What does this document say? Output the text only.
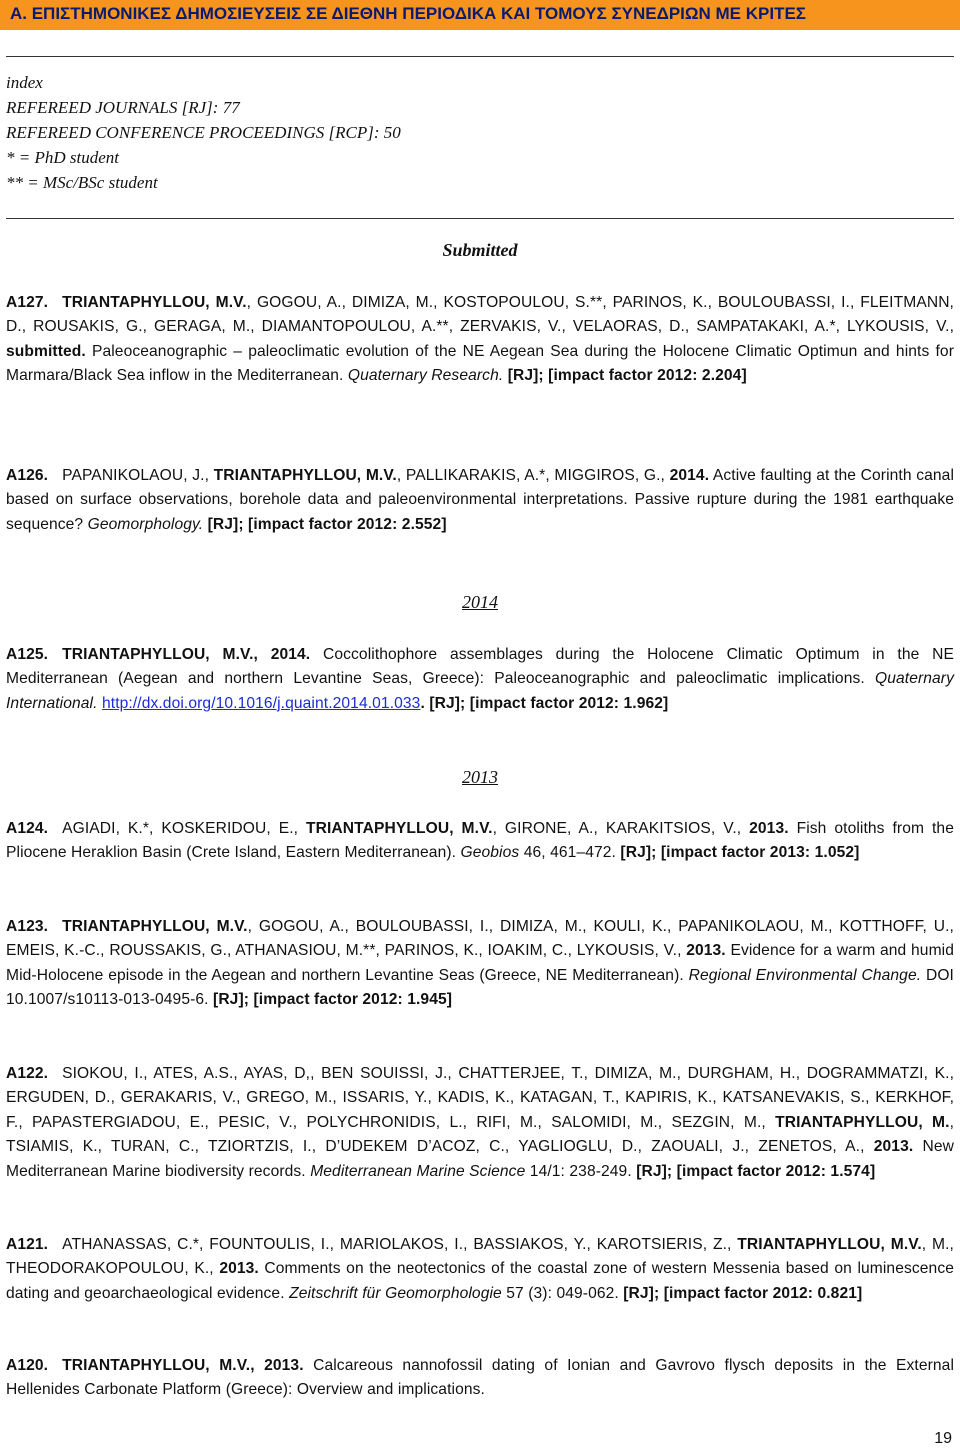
Α. ΕΠΙΣΤΗΜΟΝΙΚΕΣ ΔΗΜΟΣΙΕΥΣΕΙΣ ΣΕ ΔΙΕΘΝΗ ΠΕΡΙΟΔΙΚΑ ΚΑΙ ΤΟΜΟΥΣ ΣΥΝΕΔΡΙΩΝ ΜΕ ΚΡΙΤΕΣ
index
REFEREED JOURNALS [RJ]: 77
REFEREED CONFERENCE PROCEEDINGS [RCP]: 50
* = PhD student
** = MSc/BSc student
Submitted
A127. TRIANTAPHYLLOU, M.V., GOGOU, A., DIMIZA, M., KOSTOPOULOU, S.**, PARINOS, K., BOULOUBASSI, I., FLEITMANN, D., ROUSAKIS, G., GERAGA, M., DIAMANTOPOULOU, A.**, ZERVAKIS, V., VELAORAS, D., SAMPATAKAKI, A.*, LYKOUSIS, V., submitted. Paleoceanographic – paleoclimatic evolution of the NE Aegean Sea during the Holocene Climatic Optimun and hints for Marmara/Black Sea inflow in the Mediterranean. Quaternary Research. [RJ]; [impact factor 2012: 2.204]
A126. PAPANIKOLAOU, J., TRIANTAPHYLLOU, M.V., PALLIKARAKIS, A.*, MIGGIROS, G., 2014. Active faulting at the Corinth canal based on surface observations, borehole data and paleoenvironmental interpretations. Passive rupture during the 1981 earthquake sequence? Geomorphology. [RJ]; [impact factor 2012: 2.552]
2014
A125. TRIANTAPHYLLOU, M.V., 2014. Coccolithophore assemblages during the Holocene Climatic Optimum in the NE Mediterranean (Aegean and northern Levantine Seas, Greece): Paleoceanographic and paleoclimatic implications. Quaternary International. http://dx.doi.org/10.1016/j.quaint.2014.01.033. [RJ]; [impact factor 2012: 1.962]
2013
A124. AGIADI, K.*, KOSKERIDOU, E., TRIANTAPHYLLOU, M.V., GIRONE, A., KARAKITSIOS, V., 2013. Fish otoliths from the Pliocene Heraklion Basin (Crete Island, Eastern Mediterranean). Geobios 46, 461–472. [RJ]; [impact factor 2013: 1.052]
A123. TRIANTAPHYLLOU, M.V., GOGOU, A., BOULOUBASSI, I., DIMIZA, M., KOULI, K., PAPANIKOLAOU, M., KOTTHOFF, U., EMEIS, K.-C., ROUSSAKIS, G., ATHANASIOU, M.**, PARINOS, K., IOAKIM, C., LYKOUSIS, V., 2013. Evidence for a warm and humid Mid-Holocene episode in the Aegean and northern Levantine Seas (Greece, NE Mediterranean). Regional Environmental Change. DOI 10.1007/s10113-013-0495-6. [RJ]; [impact factor 2012: 1.945]
A122. SIOKOU, I., ATES, A.S., AYAS, D,, BEN SOUISSI, J., CHATTERJEE, T., DIMIZA, M., DURGHAM, H., DOGRAMMATZI, K., ERGUDEN, D., GERAKARIS, V., GREGO, M., ISSARIS, Y., KADIS, K., KATAGAN, T., KAPIRIS, K., KATSANEVAKIS, S., KERKHOF, F., PAPASTERGIADOU, E., PESIC, V., POLYCHRONIDIS, L., RIFI, M., SALOMIDI, M., SEZGIN, M., TRIANTAPHYLLOU, M., TSIAMIS, K., TURAN, C., TZIORTZIS, I., D’UDEKEM D’ACOZ, C., YAGLIOGLU, D., ZAOUALI, J., ZENETOS, A., 2013. New Mediterranean Marine biodiversity records. Mediterranean Marine Science 14/1: 238-249. [RJ]; [impact factor 2012: 1.574]
A121. ATHANASSAS, C.*, FOUNTOULIS, I., MARIOLAKOS, I., BASSIAKOS, Y., KAROTSIERIS, Z., TRIANTAPHYLLOU, M.V., M., THEODORAKOPOULOU, K., 2013. Comments on the neotectonics of the coastal zone of western Messenia based on luminescence dating and geoarchaeological evidence. Zeitschrift für Geomorphologie 57 (3): 049-062. [RJ]; [impact factor 2012: 0.821]
A120. TRIANTAPHYLLOU, M.V., 2013. Calcareous nannofossil dating of Ionian and Gavrovo flysch deposits in the External Hellenides Carbonate Platform (Greece): Overview and implications.
19
